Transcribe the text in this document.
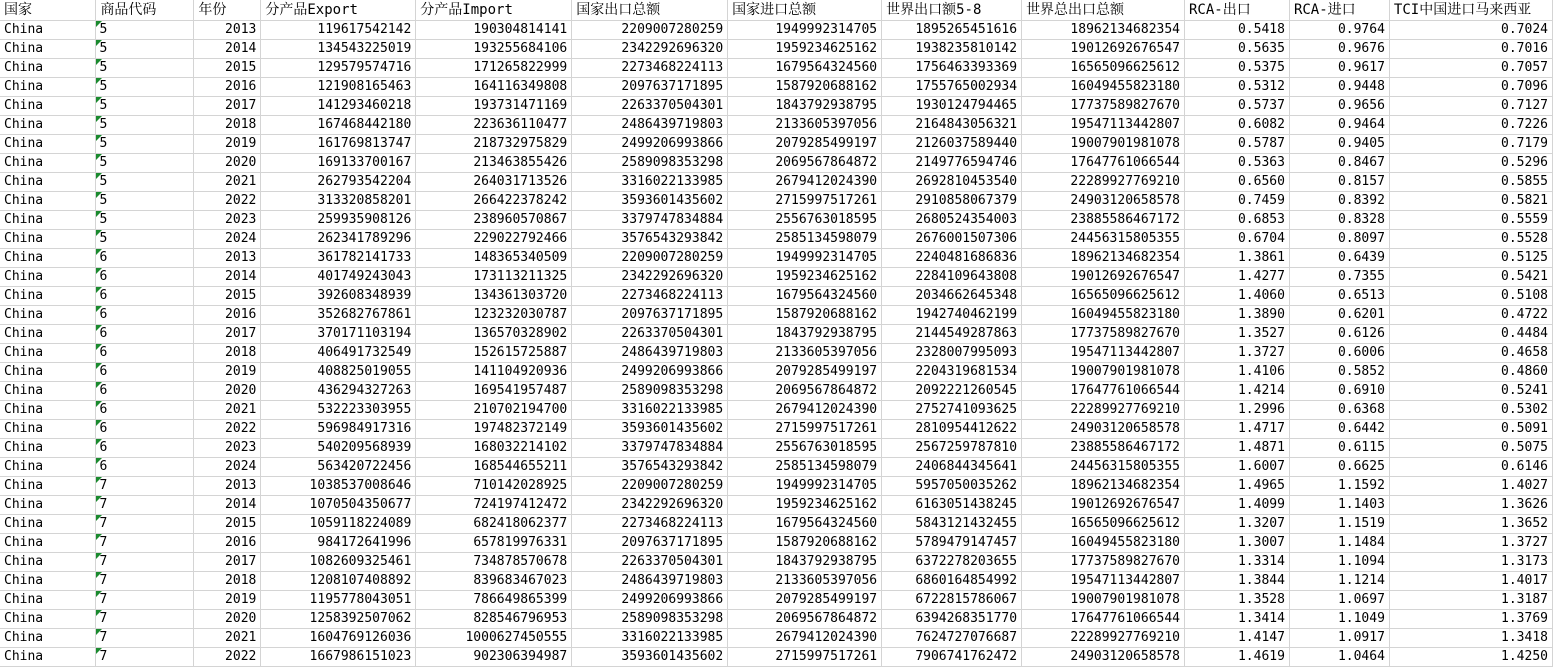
国家	商品代码	年份	分产品Export	分产品Import	国家出口总额	国家进口总额	世界出口额5-8	世界总出口总额	RCA-出口	RCA-进口	TCI中国进口马来西亚
China	5	2013	119617542142	190304814141	2209007280259	1949992314705	1895265451616	18962134682354	0.5418	0.9764	0.7024
China	5	2014	134543225019	193255684106	2342292696320	1959234625162	1938235810142	19012692676547	0.5635	0.9676	0.7016
China	5	2015	129579574716	171265822999	2273468224113	1679564324560	1756463393369	16565096625612	0.5375	0.9617	0.7057
China	5	2016	121908165463	164116349808	2097637171895	1587920688162	1755765002934	16049455823180	0.5312	0.9448	0.7096
China	5	2017	141293460218	193731471169	2263370504301	1843792938795	1930124794465	17737589827670	0.5737	0.9656	0.7127
China	5	2018	167468442180	223636110477	2486439719803	2133605397056	2164843056321	19547113442807	0.6082	0.9464	0.7226
China	5	2019	161769813747	218732975829	2499206993866	2079285499197	2126037589440	19007901981078	0.5787	0.9405	0.7179
China	5	2020	169133700167	213463855426	2589098353298	2069567864872	2149776594746	17647761066544	0.5363	0.8467	0.5296
China	5	2021	262793542204	264031713526	3316022133985	2679412024390	2692810453540	22289927769210	0.6560	0.8157	0.5855
China	5	2022	313320858201	266422378242	3593601435602	2715997517261	2910858067379	24903120658578	0.7459	0.8392	0.5821
China	5	2023	259935908126	238960570867	3379747834884	2556763018595	2680524354003	23885586467172	0.6853	0.8328	0.5559
China	5	2024	262341789296	229022792466	3576543293842	2585134598079	2676001507306	24456315805355	0.6704	0.8097	0.5528
China	6	2013	361782141733	148365340509	2209007280259	1949992314705	2240481686836	18962134682354	1.3861	0.6439	0.5125
China	6	2014	401749243043	173113211325	2342292696320	1959234625162	2284109643808	19012692676547	1.4277	0.7355	0.5421
China	6	2015	392608348939	134361303720	2273468224113	1679564324560	2034662645348	16565096625612	1.4060	0.6513	0.5108
China	6	2016	352682767861	123232030787	2097637171895	1587920688162	1942740462199	16049455823180	1.3890	0.6201	0.4722
China	6	2017	370171103194	136570328902	2263370504301	1843792938795	2144549287863	17737589827670	1.3527	0.6126	0.4484
China	6	2018	406491732549	152615725887	2486439719803	2133605397056	2328007995093	19547113442807	1.3727	0.6006	0.4658
China	6	2019	408825019055	141104920936	2499206993866	2079285499197	2204319681534	19007901981078	1.4106	0.5852	0.4860
China	6	2020	436294327263	169541957487	2589098353298	2069567864872	2092221260545	17647761066544	1.4214	0.6910	0.5241
China	6	2021	532223303955	210702194700	3316022133985	2679412024390	2752741093625	22289927769210	1.2996	0.6368	0.5302
China	6	2022	596984917316	197482372149	3593601435602	2715997517261	2810954412622	24903120658578	1.4717	0.6442	0.5091
China	6	2023	540209568939	168032214102	3379747834884	2556763018595	2567259787810	23885586467172	1.4871	0.6115	0.5075
China	6	2024	563420722456	168544655211	3576543293842	2585134598079	2406844345641	24456315805355	1.6007	0.6625	0.6146
China	7	2013	1038537008646	710142028925	2209007280259	1949992314705	5957050035262	18962134682354	1.4965	1.1592	1.4027
China	7	2014	1070504350677	724197412472	2342292696320	1959234625162	6163051438245	19012692676547	1.4099	1.1403	1.3626
China	7	2015	1059118224089	682418062377	2273468224113	1679564324560	5843121432455	16565096625612	1.3207	1.1519	1.3652
China	7	2016	984172641996	657819976331	2097637171895	1587920688162	5789479147457	16049455823180	1.3007	1.1484	1.3727
China	7	2017	1082609325461	734878570678	2263370504301	1843792938795	6372278203655	17737589827670	1.3314	1.1094	1.3173
China	7	2018	1208107408892	839683467023	2486439719803	2133605397056	6860164854992	19547113442807	1.3844	1.1214	1.4017
China	7	2019	1195778043051	786649865399	2499206993866	2079285499197	6722815786067	19007901981078	1.3528	1.0697	1.3187
China	7	2020	1258392507062	828546796953	2589098353298	2069567864872	6394268351770	17647761066544	1.3414	1.1049	1.3769
China	7	2021	1604769126036	1000627450555	3316022133985	2679412024390	7624727076687	22289927769210	1.4147	1.0917	1.3418
China	7	2022	1667986151023	902306394987	3593601435602	2715997517261	7906741762472	24903120658578	1.4619	1.0464	1.4250
